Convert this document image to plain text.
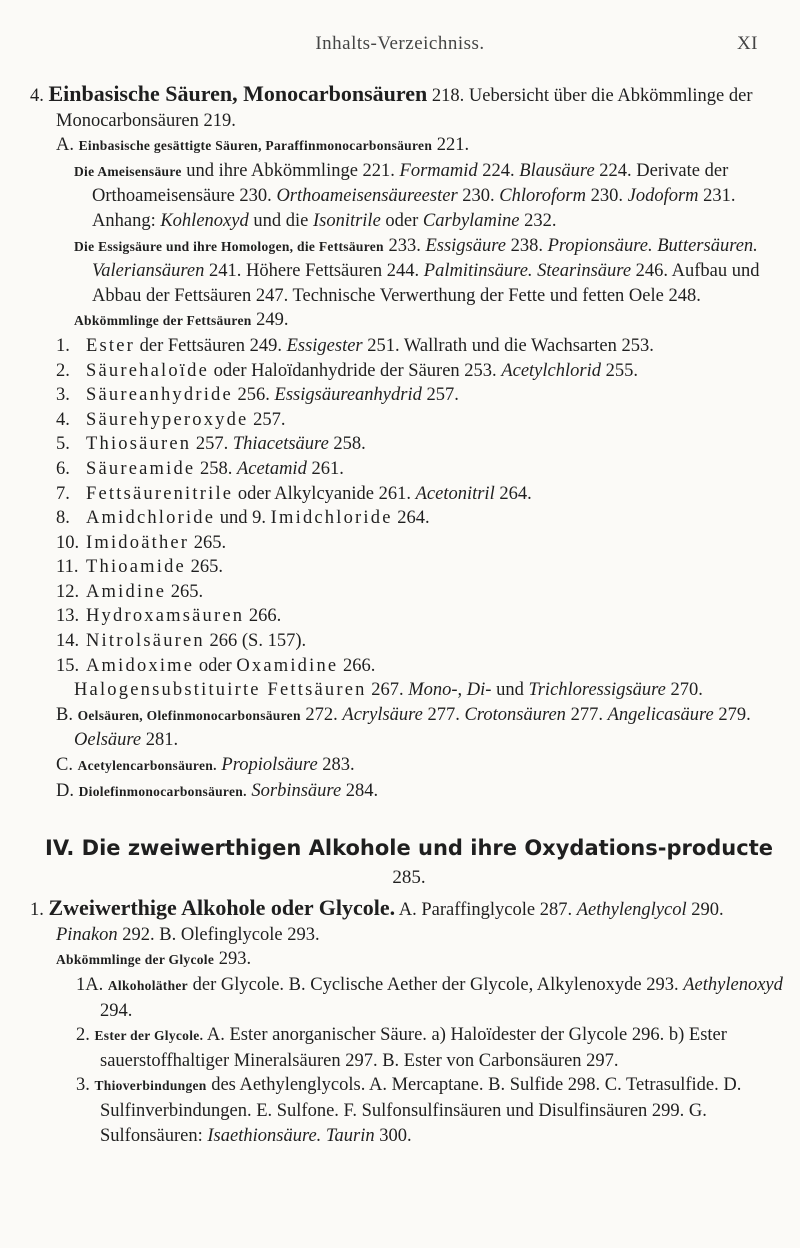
Inhalts-Verzeichniss.	XI

4. Einbasische Säuren, Monocarbonsäuren 218. Uebersicht über die Abkömmlinge der Monocarbonsäuren 219.

A. Einbasische gesättigte Säuren, Paraffinmonocarbonsäuren 221.

Die Ameisensäure und ihre Abkömmlinge 221. Formamid 224. Blausäure 224. Derivate der Orthoameisensäure 230. Orthoameisensäureester 230. Chloroform 230. Jodoform 231. Anhang: Kohlenoxyd und die Isonitrile oder Carbylamine 232.

Die Essigsäure und ihre Homologen, die Fettsäuren 233. Essigsäure 238. Propionsäure. Buttersäuren. Valeriansäuren 241. Höhere Fettsäuren 244. Palmitinsäure. Stearinsäure 246. Aufbau und Abbau der Fettsäuren 247. Technische Verwerthung der Fette und fetten Oele 248.

Abkömmlinge der Fettsäuren 249.

1. Ester der Fettsäuren 249. Essigester 251. Wallrath und die Wachsarten 253.

2. Säurehaloïde oder Haloïdanhydride der Säuren 253. Acetylchlorid 255.

3. Säureanhydride 256. Essigsäureanhydrid 257.

4. Säurehyperoxyde 257.

5. Thiosäuren 257. Thiacetsäure 258.

6. Säureamide 258. Acetamid 261.

7. Fettsäurenitrile oder Alkylcyanide 261. Acetonitril 264.

8. Amidchloride und 9. Imidchloride 264.

10. Imidoäther 265.

11. Thioamide 265.

12. Amidine 265.

13. Hydroxamsäuren 266.

14. Nitrolsäuren 266 (S. 157).

15. Amidoxime oder Oxamidine 266.

Halogensubstituirte Fettsäuren 267. Mono-, Di- und Trichloressigsäure 270.

B. Oelsäuren, Olefinmonocarbonsäuren 272. Acrylsäure 277. Crotonsäuren 277. Angelicasäure 279. Oelsäure 281.

C. Acetylencarbonsäuren. Propiolsäure 283.

D. Diolefinmonocarbonsäuren. Sorbinsäure 284.

IV. Die zweiwerthigen Alkohole und ihre Oxydations-producte 285.

1. Zweiwerthige Alkohole oder Glycole. A. Paraffinglycole 287. Aethylenglycol 290. Pinakon 292. B. Olefinglycole 293.

Abkömmlinge der Glycole 293.

1A. Alkoholäther der Glycole. B. Cyclische Aether der Glycole, Alkylenoxyde 293. Aethylenoxyd 294.

2. Ester der Glycole. A. Ester anorganischer Säure. a) Haloïdester der Glycole 296. b) Ester sauerstoffhaltiger Mineralsäuren 297. B. Ester von Carbonsäuren 297.

3. Thioverbindungen des Aethylenglycols. A. Mercaptane. B. Sulfide 298. C. Tetrasulfide. D. Sulfinverbindungen. E. Sulfone. F. Sulfonsulfinsäuren und Disulfinsäuren 299. G. Sulfonsäuren: Isaethionsäure. Taurin 300.
